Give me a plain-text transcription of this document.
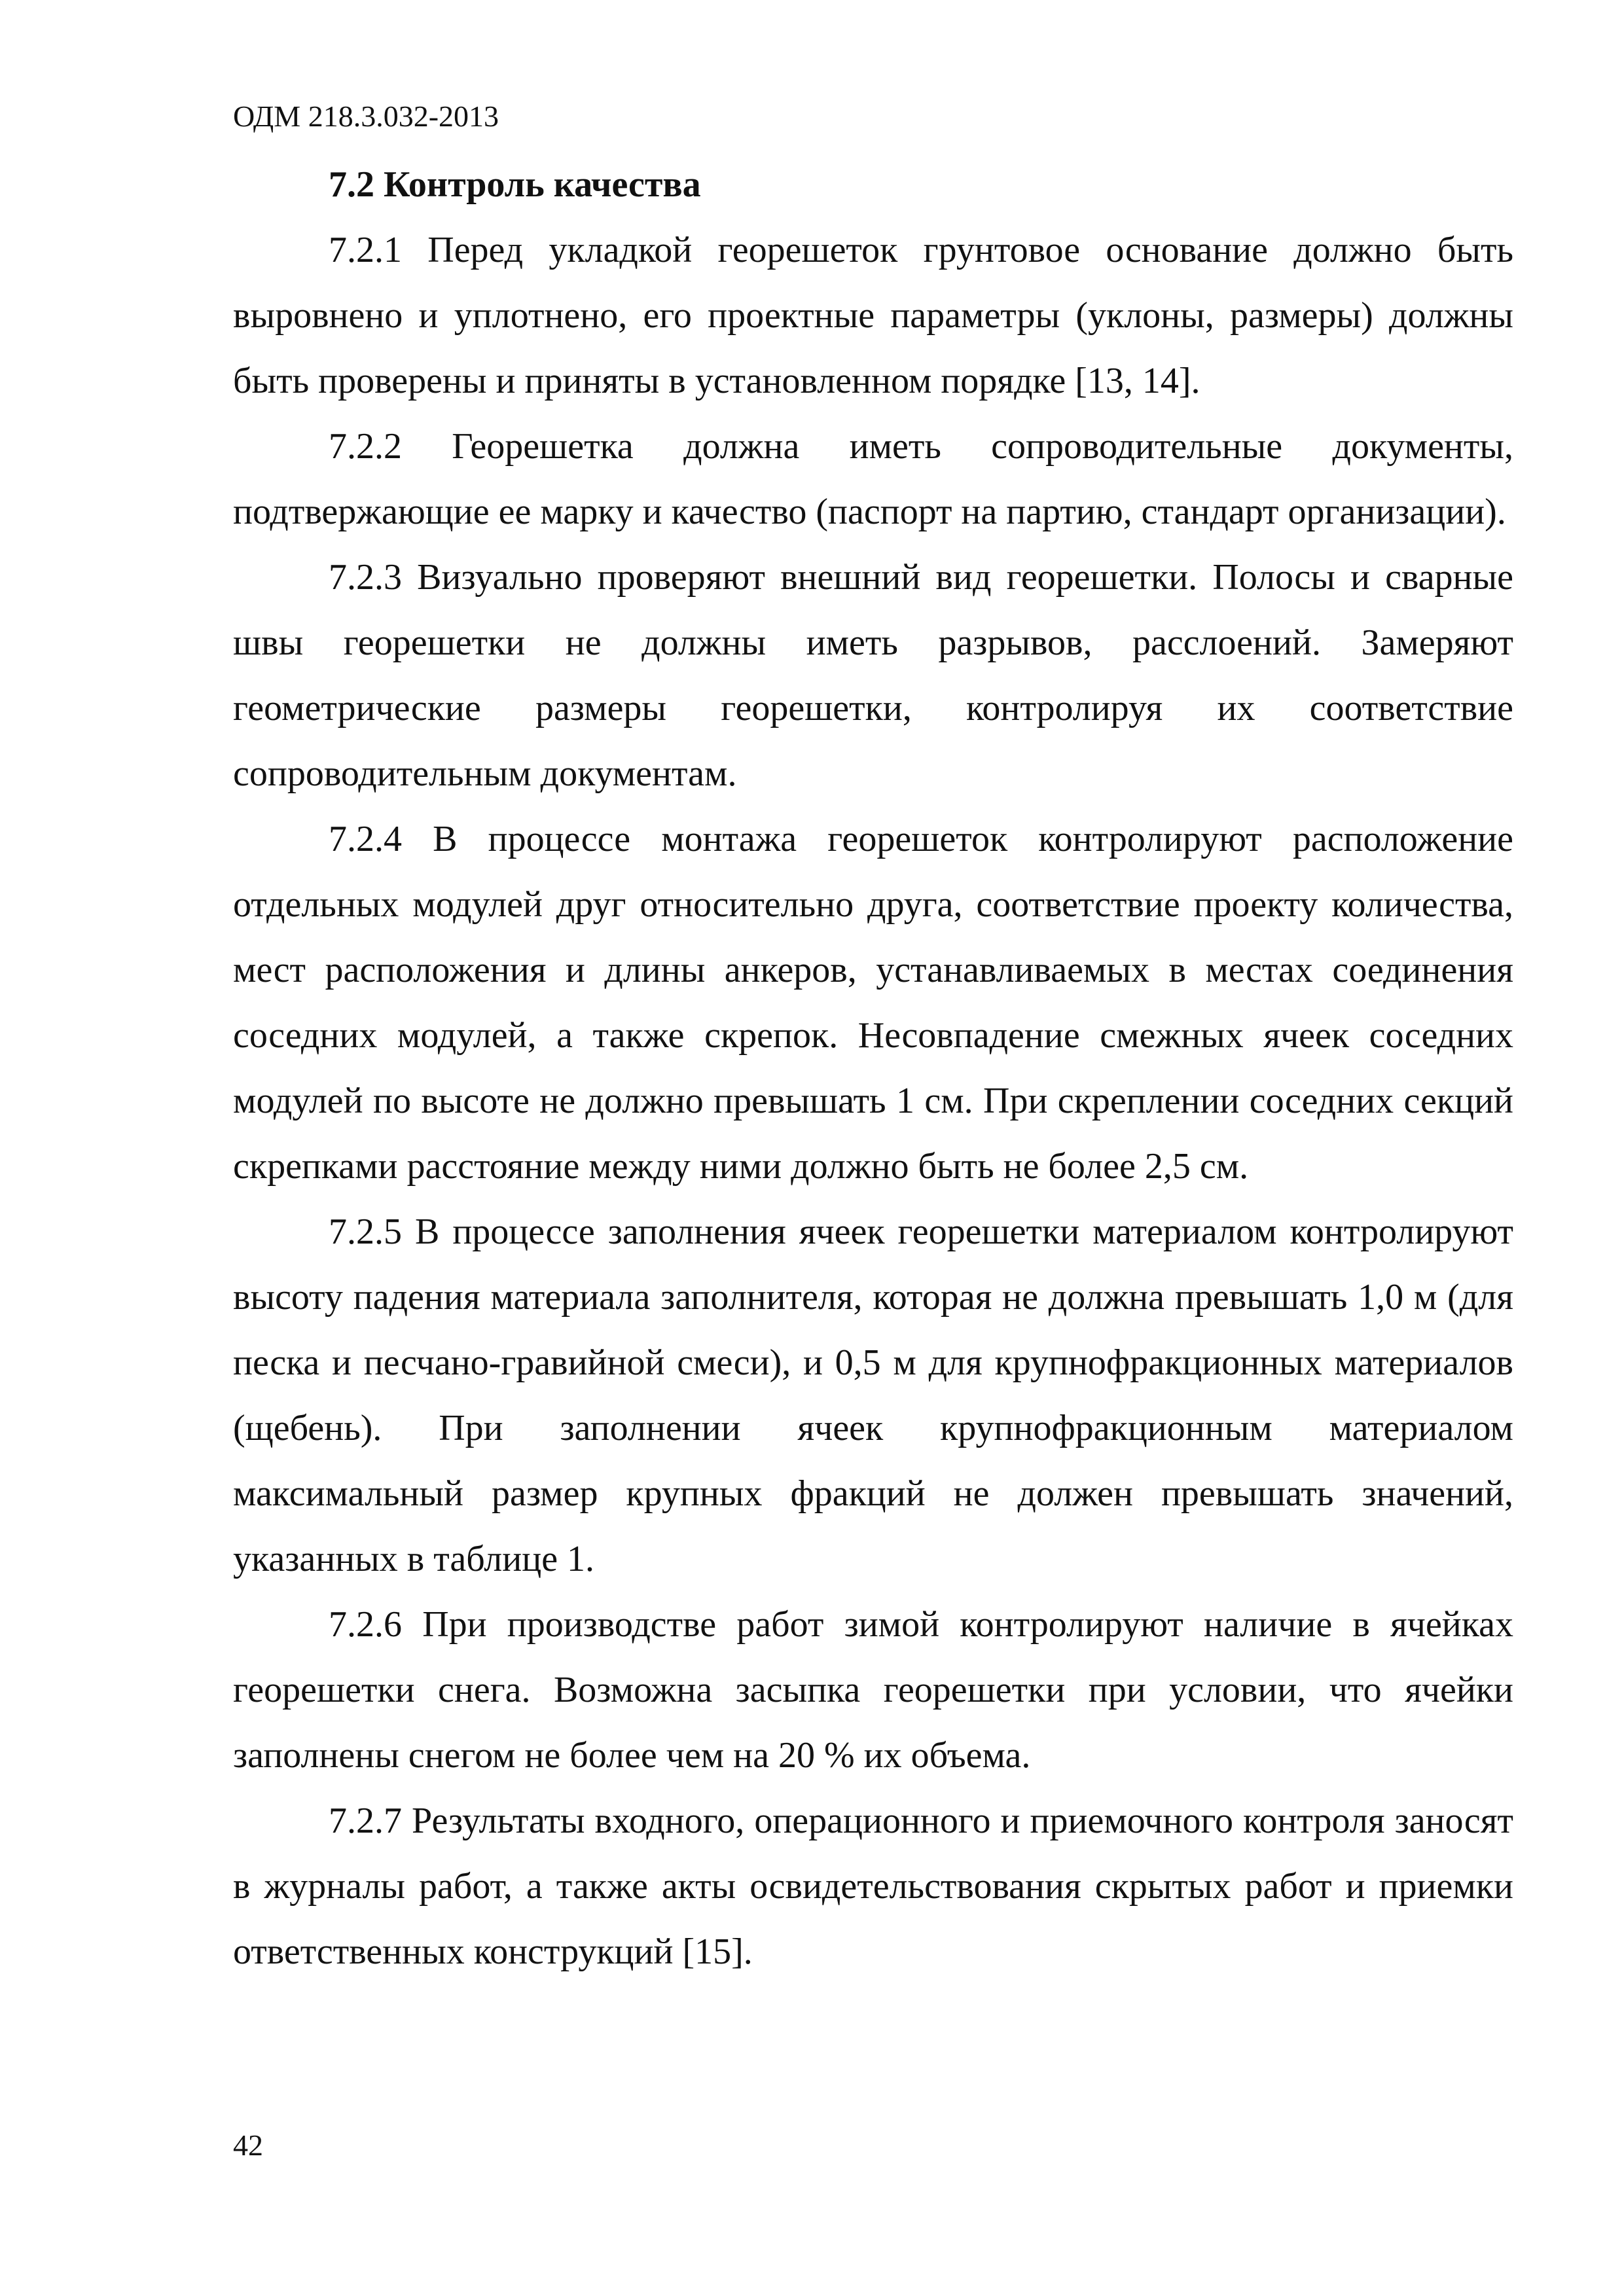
ОДМ 218.3.032-2013

7.2 Контроль качества

7.2.1 Перед укладкой георешеток грунтовое основание должно быть выровнено и уплотнено, его проектные параметры (уклоны, размеры) должны быть проверены и приняты в установленном порядке [13, 14].

7.2.2 Георешетка должна иметь сопроводительные документы, подтвержающие ее марку и качество (паспорт на партию, стандарт организации).

7.2.3 Визуально проверяют внешний вид георешетки. Полосы и сварные швы георешетки не должны иметь разрывов, расслоений. Замеряют геометрические размеры георешетки, контролируя их соответствие сопроводительным документам.

7.2.4 В процессе монтажа георешеток контролируют расположение отдельных модулей друг относительно друга, соответствие проекту количества, мест расположения и длины анкеров, устанавливаемых в местах соединения соседних модулей, а также скрепок. Несовпадение смежных ячеек соседних модулей по высоте не должно превышать 1 см. При скреплении соседних секций скрепками расстояние между ними должно быть не более 2,5 см.

7.2.5 В процессе заполнения ячеек георешетки материалом контролируют высоту падения материала заполнителя, которая не должна превышать 1,0 м (для песка и песчано-гравийной смеси), и 0,5 м для крупнофракционных материалов (щебень). При заполнении ячеек крупнофракционным материалом максимальный размер крупных фракций не должен превышать значений, указанных в таблице 1.

7.2.6 При производстве работ зимой контролируют наличие в ячейках георешетки снега. Возможна засыпка георешетки при условии, что ячейки заполнены снегом не более чем на 20 % их объема.

7.2.7 Результаты входного, операционного и приемочного контроля заносят в журналы работ, а также акты освидетельствования скрытых работ и приемки ответственных конструкций [15].

42
